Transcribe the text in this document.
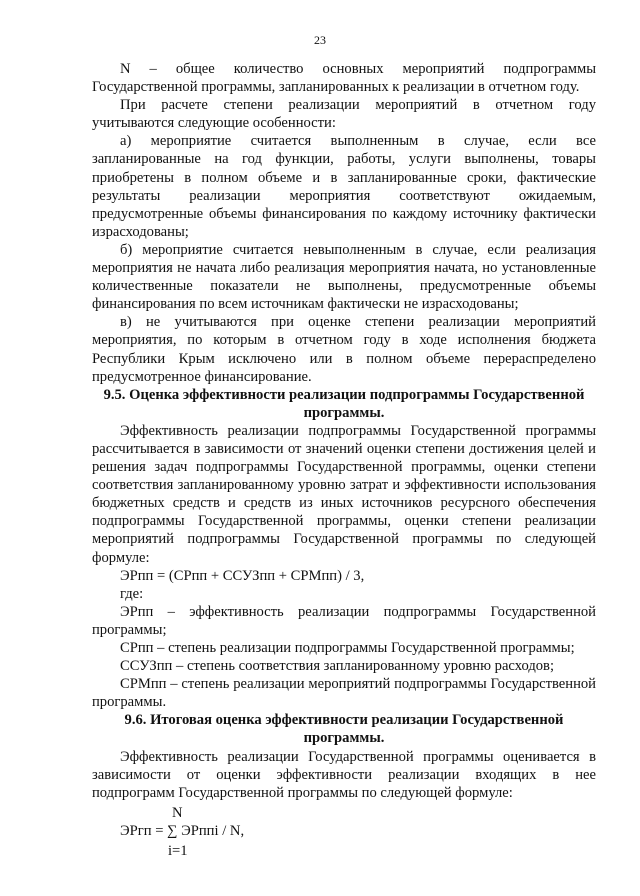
23

N – общее количество основных мероприятий подпрограммы Государственной программы, запланированных к реализации в отчетном году.

При расчете степени реализации мероприятий в отчетном году учитываются следующие особенности:

а) мероприятие считается выполненным в случае, если все запланированные на год функции, работы, услуги выполнены, товары приобретены в полном объеме и в запланированные сроки, фактические результаты реализации мероприятия соответствуют ожидаемым, предусмотренные объемы финансирования по каждому источнику фактически израсходованы;

б) мероприятие считается невыполненным в случае, если реализация мероприятия не начата либо реализация мероприятия начата, но установленные количественные показатели не выполнены, предусмотренные объемы финансирования по всем источникам фактически не израсходованы;

в) не учитываются при оценке степени реализации мероприятий мероприятия, по которым в отчетном году в ходе исполнения бюджета Республики Крым исключено или в полном объеме перераспределено предусмотренное финансирование.

9.5. Оценка эффективности реализации подпрограммы Государственной программы.

Эффективность реализации подпрограммы Государственной программы рассчитывается в зависимости от значений оценки степени достижения целей и решения задач подпрограммы Государственной программы, оценки степени соответствия запланированному уровню затрат и эффективности использования бюджетных средств и средств из иных источников ресурсного обеспечения подпрограммы Государственной программы, оценки степени реализации мероприятий подпрограммы Государственной программы по следующей формуле:

ЭРпп = (СРпп + ССУЗпп + СРМпп) / 3,

где:

ЭРпп – эффективность реализации подпрограммы Государственной программы;

СРпп – степень реализации подпрограммы Государственной программы;

ССУЗпп – степень соответствия запланированному уровню расходов;

СРМпп – степень реализации мероприятий подпрограммы Государственной программы.

9.6. Итоговая оценка эффективности реализации Государственной программы.

Эффективность реализации Государственной программы оценивается в зависимости от оценки эффективности реализации входящих в нее подпрограмм Государственной программы по следующей формуле:

N
ЭРгп = ∑ ЭРппi / N,
i=1
